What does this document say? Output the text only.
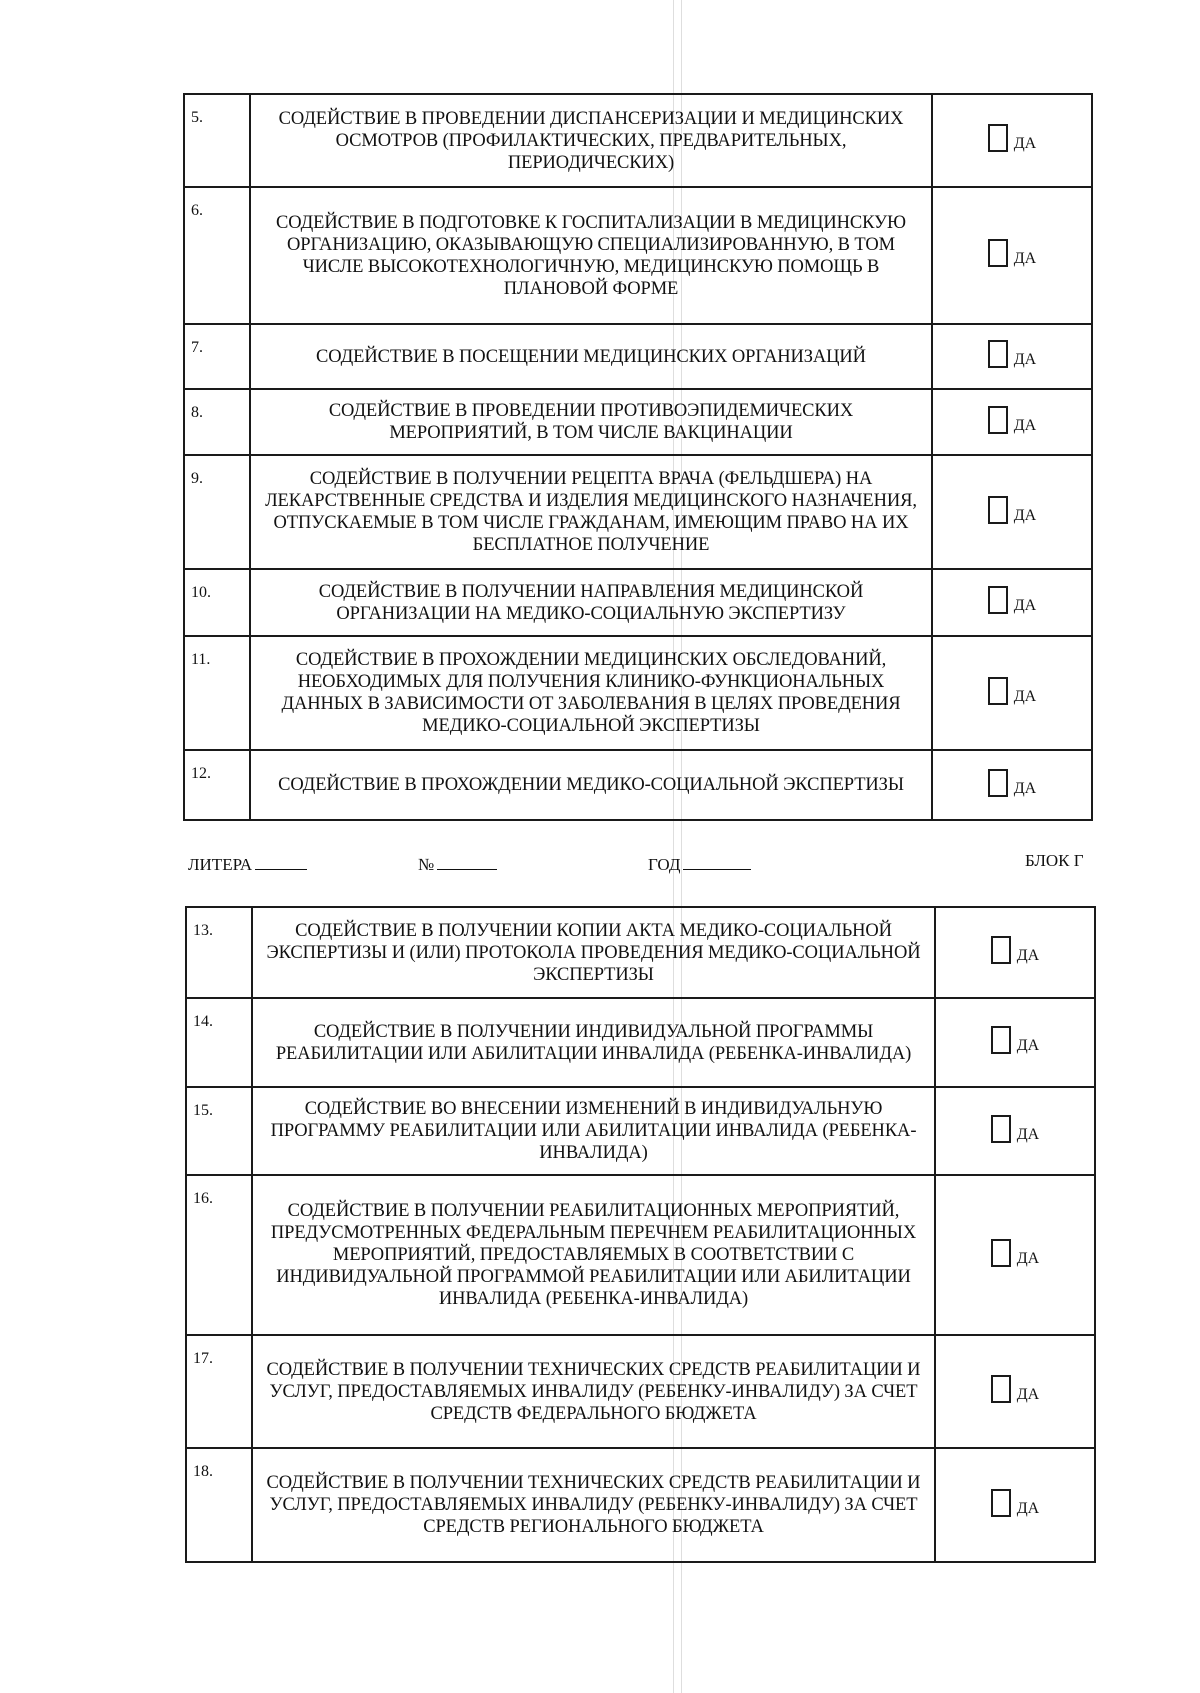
5.	СОДЕЙСТВИЕ В ПРОВЕДЕНИИ ДИСПАНСЕРИЗАЦИИ И МЕДИЦИНСКИХ ОСМОТРОВ (ПРОФИЛАКТИЧЕСКИХ, ПРЕДВАРИТЕЛЬНЫХ, ПЕРИОДИЧЕСКИХ)	ДА

6.	СОДЕЙСТВИЕ В ПОДГОТОВКЕ К ГОСПИТАЛИЗАЦИИ В МЕДИЦИНСКУЮ ОРГАНИЗАЦИЮ, ОКАЗЫВАЮЩУЮ СПЕЦИАЛИЗИРОВАННУЮ, В ТОМ ЧИСЛЕ ВЫСОКОТЕХНОЛОГИЧНУЮ, МЕДИЦИНСКУЮ ПОМОЩЬ В ПЛАНОВОЙ ФОРМЕ	ДА

7.	СОДЕЙСТВИЕ В ПОСЕЩЕНИИ МЕДИЦИНСКИХ ОРГАНИЗАЦИЙ	ДА

8.	СОДЕЙСТВИЕ В ПРОВЕДЕНИИ ПРОТИВОЭПИДЕМИЧЕСКИХ МЕРОПРИЯТИЙ, В ТОМ ЧИСЛЕ ВАКЦИНАЦИИ	ДА

9.	СОДЕЙСТВИЕ В ПОЛУЧЕНИИ РЕЦЕПТА ВРАЧА (ФЕЛЬДШЕРА) НА ЛЕКАРСТВЕННЫЕ СРЕДСТВА И ИЗДЕЛИЯ МЕДИЦИНСКОГО НАЗНАЧЕНИЯ, ОТПУСКАЕМЫЕ В ТОМ ЧИСЛЕ ГРАЖДАНАМ, ИМЕЮЩИМ ПРАВО НА ИХ БЕСПЛАТНОЕ ПОЛУЧЕНИЕ	ДА

10.	СОДЕЙСТВИЕ В ПОЛУЧЕНИИ НАПРАВЛЕНИЯ МЕДИЦИНСКОЙ ОРГАНИЗАЦИИ НА МЕДИКО-СОЦИАЛЬНУЮ ЭКСПЕРТИЗУ	ДА

11.	СОДЕЙСТВИЕ В ПРОХОЖДЕНИИ МЕДИЦИНСКИХ ОБСЛЕДОВАНИЙ, НЕОБХОДИМЫХ ДЛЯ ПОЛУЧЕНИЯ КЛИНИКО-ФУНКЦИОНАЛЬНЫХ ДАННЫХ В ЗАВИСИМОСТИ ОТ ЗАБОЛЕВАНИЯ В ЦЕЛЯХ ПРОВЕДЕНИЯ МЕДИКО-СОЦИАЛЬНОЙ ЭКСПЕРТИЗЫ	ДА

12.	СОДЕЙСТВИЕ В ПРОХОЖДЕНИИ МЕДИКО-СОЦИАЛЬНОЙ ЭКСПЕРТИЗЫ	ДА
ЛИТЕРА	№	ГОД	БЛОК Г
13.	СОДЕЙСТВИЕ В ПОЛУЧЕНИИ КОПИИ АКТА МЕДИКО-СОЦИАЛЬНОЙ ЭКСПЕРТИЗЫ И (ИЛИ) ПРОТОКОЛА ПРОВЕДЕНИЯ МЕДИКО-СОЦИАЛЬНОЙ ЭКСПЕРТИЗЫ	ДА

14.	СОДЕЙСТВИЕ В ПОЛУЧЕНИИ ИНДИВИДУАЛЬНОЙ ПРОГРАММЫ РЕАБИЛИТАЦИИ ИЛИ АБИЛИТАЦИИ ИНВАЛИДА (РЕБЕНКА-ИНВАЛИДА)	ДА

15.	СОДЕЙСТВИЕ ВО ВНЕСЕНИИ ИЗМЕНЕНИЙ В ИНДИВИДУАЛЬНУЮ ПРОГРАММУ РЕАБИЛИТАЦИИ ИЛИ АБИЛИТАЦИИ ИНВАЛИДА (РЕБЕНКА-ИНВАЛИДА)	ДА

16.	СОДЕЙСТВИЕ В ПОЛУЧЕНИИ РЕАБИЛИТАЦИОННЫХ МЕРОПРИЯТИЙ, ПРЕДУСМОТРЕННЫХ ФЕДЕРАЛЬНЫМ ПЕРЕЧНЕМ РЕАБИЛИТАЦИОННЫХ МЕРОПРИЯТИЙ, ПРЕДОСТАВЛЯЕМЫХ В СООТВЕТСТВИИ С ИНДИВИДУАЛЬНОЙ ПРОГРАММОЙ РЕАБИЛИТАЦИИ ИЛИ АБИЛИТАЦИИ ИНВАЛИДА (РЕБЕНКА-ИНВАЛИДА)	ДА

17.	СОДЕЙСТВИЕ В ПОЛУЧЕНИИ ТЕХНИЧЕСКИХ СРЕДСТВ РЕАБИЛИТАЦИИ И УСЛУГ, ПРЕДОСТАВЛЯЕМЫХ ИНВАЛИДУ (РЕБЕНКУ-ИНВАЛИДУ) ЗА СЧЕТ СРЕДСТВ ФЕДЕРАЛЬНОГО БЮДЖЕТА	ДА

18.	СОДЕЙСТВИЕ В ПОЛУЧЕНИИ ТЕХНИЧЕСКИХ СРЕДСТВ РЕАБИЛИТАЦИИ И УСЛУГ, ПРЕДОСТАВЛЯЕМЫХ ИНВАЛИДУ (РЕБЕНКУ-ИНВАЛИДУ) ЗА СЧЕТ СРЕДСТВ РЕГИОНАЛЬНОГО БЮДЖЕТА	ДА
